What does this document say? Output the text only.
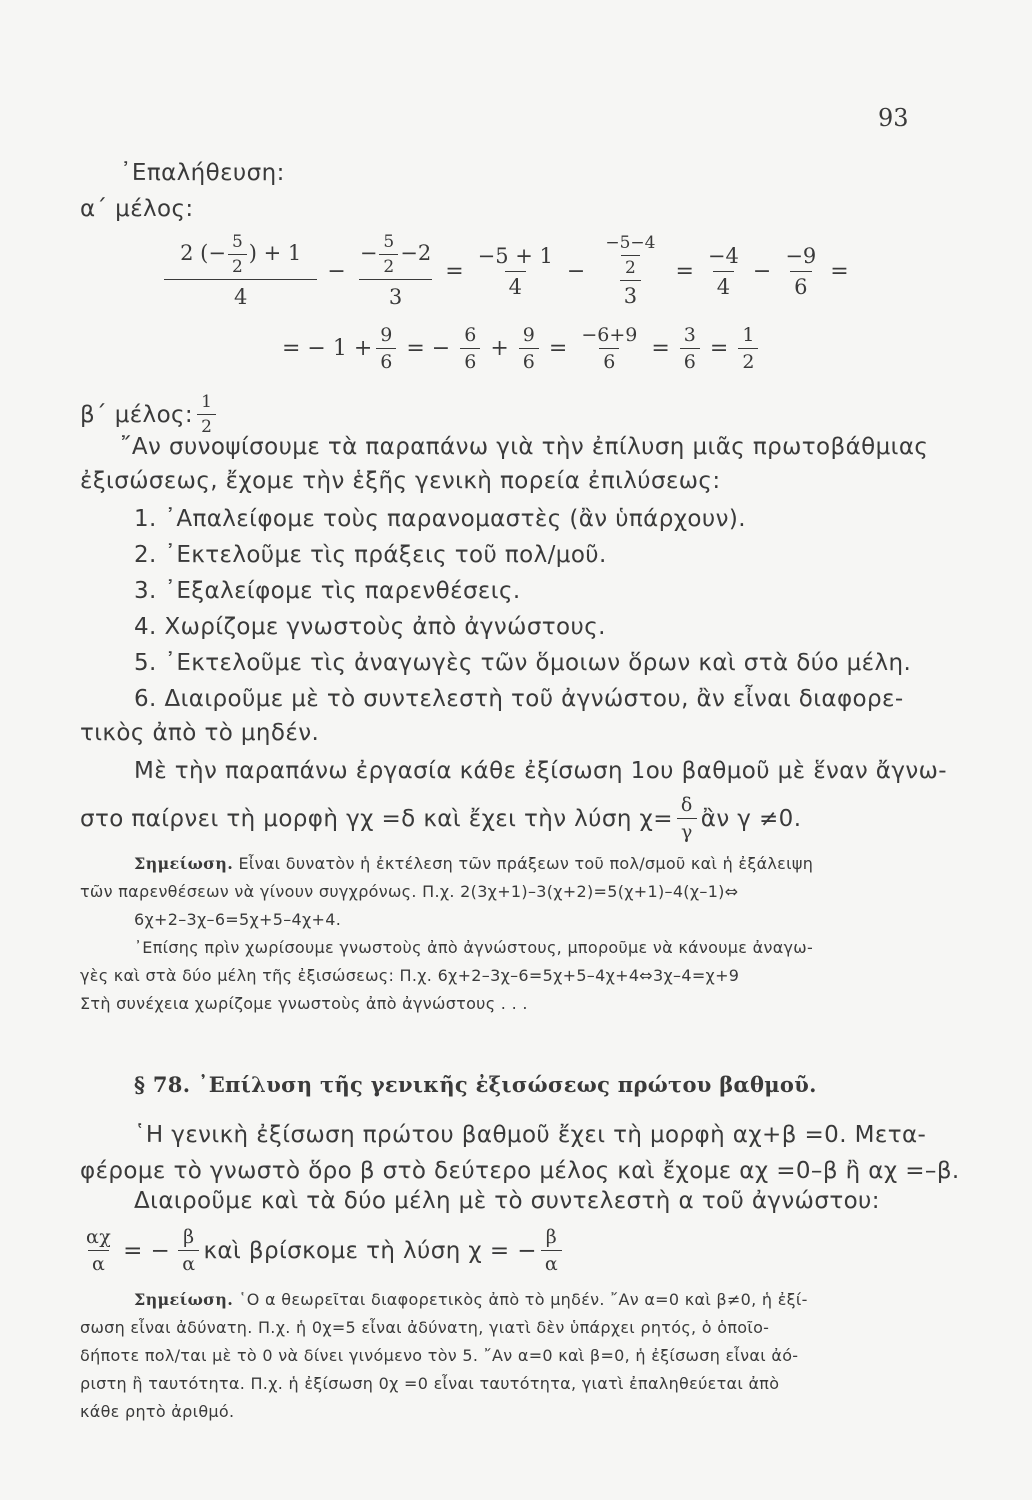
93
᾿Επαλήθευση:
α΄ μέλος:
$\frac{2 (- \frac{5}{2} ) + 1}{4} - \frac{- \frac{5}{2} -2}{3} = \frac{-5 + 1}{4} - \frac{\frac{-5-4}{2}}{3} = \frac{-4}{4} - \frac{-9}{6}$ =
= − $1 + \frac{9}{6}$ = − $\frac{6}{6} + \frac{9}{6} = \frac{-6+9}{6} = \frac{3}{6} = \frac{1}{2}$
β΄ μέλος: $\frac{1}{2}$
῎Αν συνοψίσουμε τὰ παραπάνω γιὰ τὴν ἐπίλυση μιᾶς πρωτοβάθμιας
ἐξισώσεως, ἔχομε τὴν ἑξῆς γενικὴ πορεία ἐπιλύσεως:
1. ᾿Απαλείφομε τοὺς παρανομαστὲς (ἂν ὑπάρχουν).
2. ᾿Εκτελοῦμε τὶς πράξεις τοῦ πολ/μοῦ.
3. ᾿Εξαλείφομε τὶς παρενθέσεις.
4. Χωρίζομε γνωστοὺς ἀπὸ ἀγνώστους.
5. ᾿Εκτελοῦμε τὶς ἀναγωγὲς τῶν ὅμοιων ὅρων καὶ στὰ δύο μέλη.
6. Διαιροῦμε μὲ τὸ συντελεστὴ τοῦ ἀγνώστου, ἂν εἶναι διαφορε-
τικὸς ἀπὸ τὸ μηδέν.
Μὲ τὴν παραπάνω ἐργασία κάθε ἐξίσωση 1ου βαθμοῦ μὲ ἕναν ἄγνω-
στο παίρνει τὴ μορφὴ γχ =δ καὶ ἔχει τὴν λύση $\chi= \frac{\delta}{\gamma}$ ἂν γ ≠0.
Σημείωση. Εἶναι δυνατὸν ἡ ἐκτέλεση τῶν πράξεων τοῦ πολ/σμοῦ καὶ ἡ ἐξάλειψη
τῶν παρενθέσεων νὰ γίνουν συγχρόνως. Π.χ. 2(3χ+1)–3(χ+2)=5(χ+1)–4(χ–1)⇔
6χ+2–3χ–6=5χ+5–4χ+4.
᾿Επίσης πρὶν χωρίσουμε γνωστοὺς ἀπὸ ἀγνώστους, μποροῦμε νὰ κάνουμε ἀναγω-
γὲς καὶ στὰ δύο μέλη τῆς ἐξισώσεως: Π.χ. 6χ+2–3χ–6=5χ+5–4χ+4⇔3χ–4=χ+9
Στὴ συνέχεια χωρίζομε γνωστοὺς ἀπὸ ἀγνώστους . . .
§ 78. ᾿Επίλυση τῆς γενικῆς ἐξισώσεως πρώτου βαθμοῦ.
῾Η γενικὴ ἐξίσωση πρώτου βαθμοῦ ἔχει τὴ μορφὴ αχ+β =0. Μετα-
φέρομε τὸ γνωστὸ ὅρο β στὸ δεύτερο μέλος καὶ ἔχομε αχ =0–β ἢ αχ =–β.
Διαιροῦμε καὶ τὰ δύο μέλη μὲ τὸ συντελεστὴ α τοῦ ἀγνώστου:
$\frac{\alpha\chi}{\alpha}$ = − $\frac{\beta}{\alpha}$ καὶ βρίσκομε τὴ λύση χ = − $\frac{\beta}{\alpha}$
Σημείωση. ῾Ο α θεωρεῖται διαφορετικὸς ἀπὸ τὸ μηδέν. ῎Αν α=0 καὶ β≠0, ἡ ἐξί-
σωση εἶναι ἀδύνατη. Π.χ. ἡ 0χ=5 εἶναι ἀδύνατη, γιατὶ δὲν ὑπάρχει ρητός, ὁ ὁποῖο-
δήποτε πολ/ται μὲ τὸ 0 νὰ δίνει γινόμενο τὸν 5. ῎Αν α=0 καὶ β=0, ἡ ἐξίσωση εἶναι ἀό-
ριστη ἢ ταυτότητα. Π.χ. ἡ ἐξίσωση 0χ =0 εἶναι ταυτότητα, γιατὶ ἐπαληθεύεται ἀπὸ
κάθε ρητὸ ἀριθμό.
